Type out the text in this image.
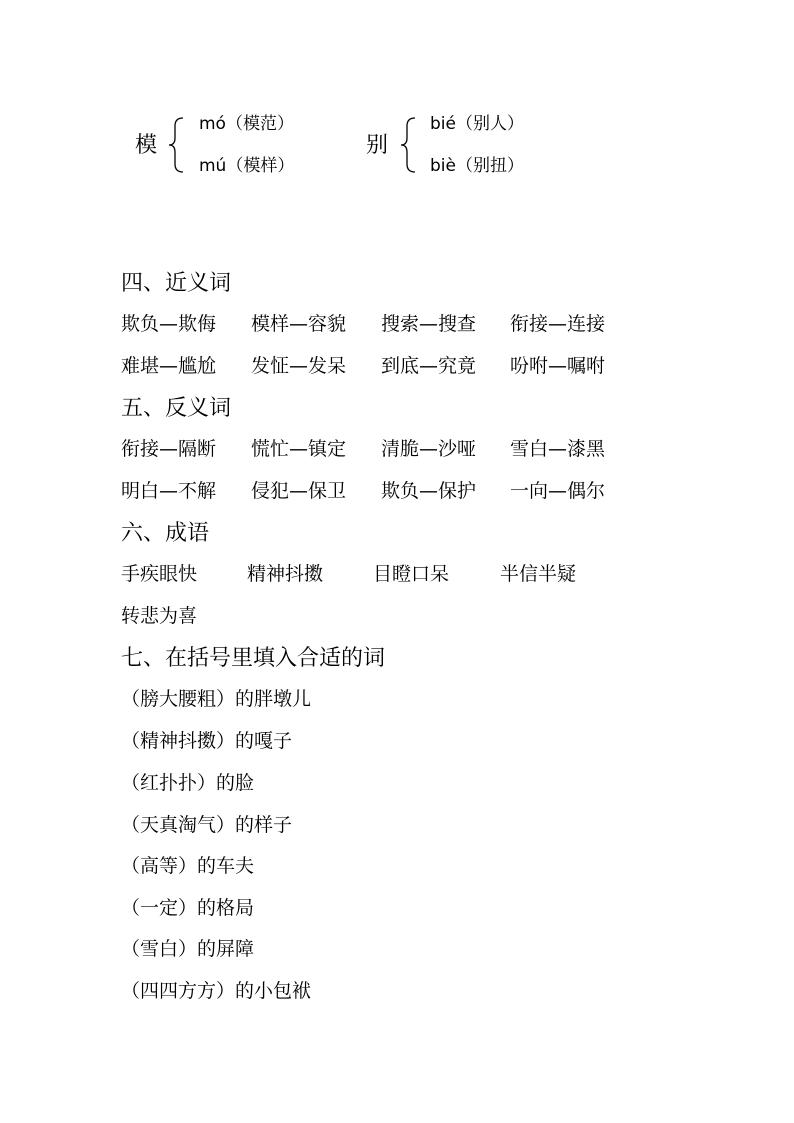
模
mó（模范）
mú（模样）
别
bié（别人）
biè（别扭）
四、近义词
欺负—欺侮 模样—容貌 搜索—搜查 衔接—连接
难堪—尴尬 发怔—发呆 到底—究竟 吩咐—嘱咐
五、反义词
衔接—隔断 慌忙—镇定 清脆—沙哑 雪白—漆黑
明白—不解 侵犯—保卫 欺负—保护 一向—偶尔
六、成语
手疾眼快	精神抖擞	目瞪口呆	半信半疑
转悲为喜
七、在括号里填入合适的词
（膀大腰粗）的胖墩儿
（精神抖擞）的嘎子
（红扑扑）的脸
（天真淘气）的样子
（高等）的车夫
（一定）的格局
（雪白）的屏障
（四四方方）的小包袱
